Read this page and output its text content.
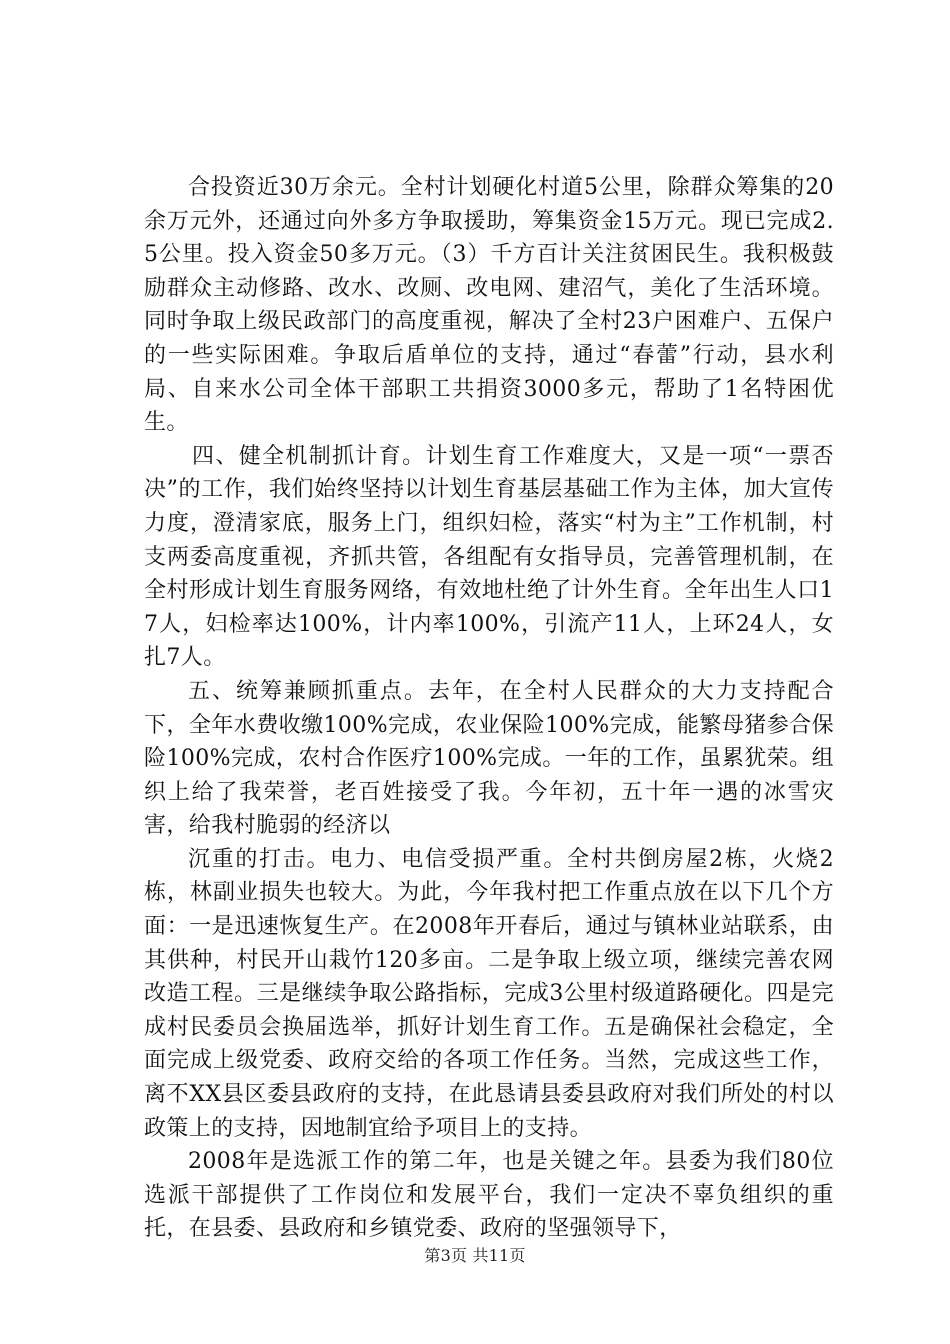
合投资近30万余元。全村计划硬化村道5公里，除群众筹集的20余万元外，还通过向外多方争取援助，筹集资金15万元。现已完成2.5公里。投入资金50多万元。（3）千方百计关注贫困民生。我积极鼓励群众主动修路、改水、改厕、改电网、建沼气，美化了生活环境。同时争取上级民政部门的高度重视，解决了全村23户困难户、五保户的一些实际困难。争取后盾单位的支持，通过“春蕾”行动，县水利局、自来水公司全体干部职工共捐资3000多元，帮助了1名特困优生。

四、健全机制抓计育。计划生育工作难度大，又是一项“一票否决”的工作，我们始终坚持以计划生育基层基础工作为主体，加大宣传力度，澄清家底，服务上门，组织妇检，落实“村为主”工作机制，村支两委高度重视，齐抓共管，各组配有女指导员，完善管理机制，在全村形成计划生育服务网络，有效地杜绝了计外生育。全年出生人口17人，妇检率达100%，计内率100%，引流产11人，上环24人，女扎7人。

五、统筹兼顾抓重点。去年，在全村人民群众的大力支持配合下，全年水费收缴100%完成，农业保险100%完成，能繁母猪参合保险100%完成，农村合作医疗100%完成。一年的工作，虽累犹荣。组织上给了我荣誉，老百姓接受了我。今年初，五十年一遇的冰雪灾害，给我村脆弱的经济以

沉重的打击。电力、电信受损严重。全村共倒房屋2栋，火烧2栋，林副业损失也较大。为此，今年我村把工作重点放在以下几个方面：一是迅速恢复生产。在2008年开春后，通过与镇林业站联系，由其供种，村民开山栽竹120多亩。二是争取上级立项，继续完善农网改造工程。三是继续争取公路指标，完成3公里村级道路硬化。四是完成村民委员会换届选举，抓好计划生育工作。五是确保社会稳定，全面完成上级党委、政府交给的各项工作任务。当然，完成这些工作，离不XX县区委县政府的支持，在此恳请县委县政府对我们所处的村以政策上的支持，因地制宜给予项目上的支持。

2008年是选派工作的第二年，也是关键之年。县委为我们80位选派干部提供了工作岗位和发展平台，我们一定决不辜负组织的重托，在县委、县政府和乡镇党委、政府的坚强领导下，

第3页 共11页
